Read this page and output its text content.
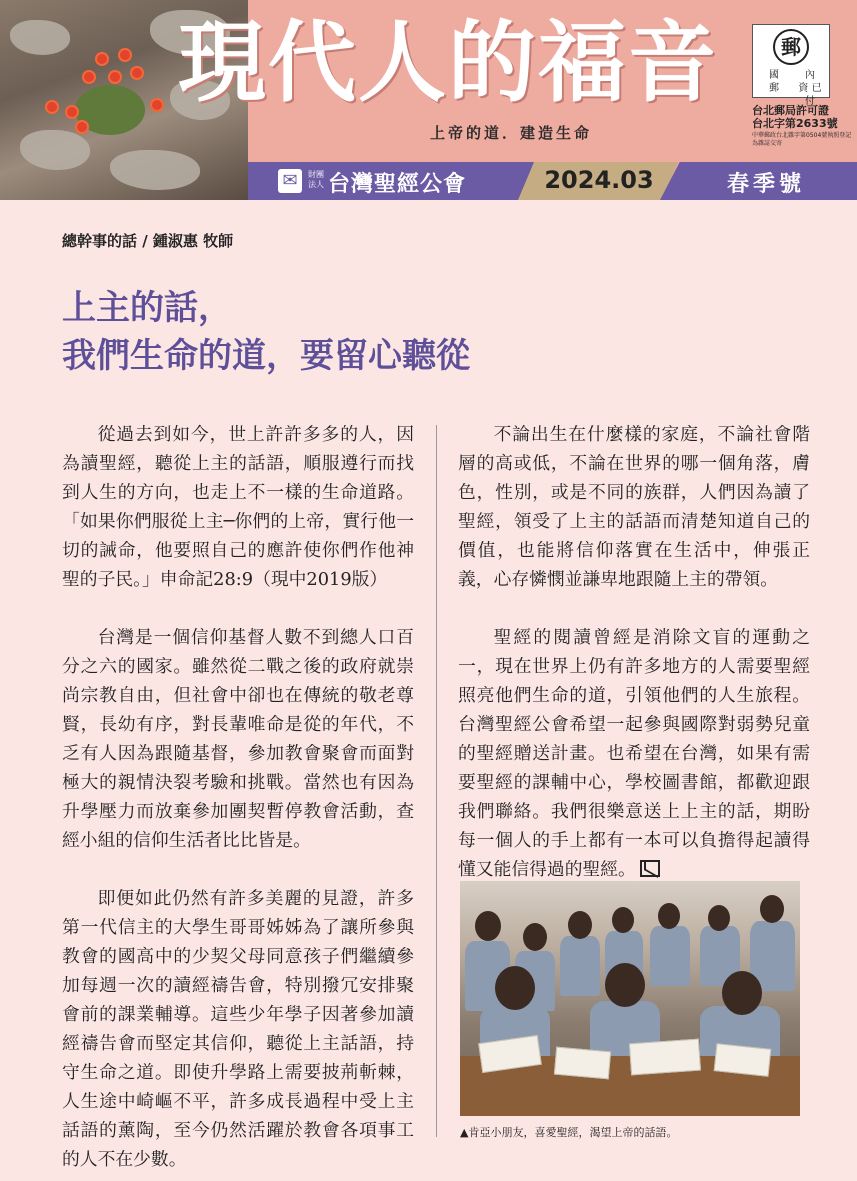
現代人的福音
上帝的道．建造生命
郵
國
郵
內
資 已 付
台北郵局許可證
台北字第2633號
中華郵政台北雜字第0504號執照登記為雜誌交寄
✉	財團法人 台灣聖經公會	2024.03	春季號
總幹事的話 / 鍾淑惠 牧師
上主的話，
我們生命的道，要留心聽從

從過去到如今，世上許許多多的人，因為讀聖經，聽從上主的話語，順服遵行而找到人生的方向，也走上不一樣的生命道路。「如果你們服從上主─你們的上帝，實行他一切的誡命，他要照自己的應許使你們作他神聖的子民。」申命記28:9（現中2019版）

台灣是一個信仰基督人數不到總人口百分之六的國家。雖然從二戰之後的政府就崇尚宗教自由，但社會中卻也在傳統的敬老尊賢，長幼有序，對長輩唯命是從的年代，不乏有人因為跟隨基督，參加教會聚會而面對極大的親情決裂考驗和挑戰。當然也有因為升學壓力而放棄參加團契暫停教會活動，查經小組的信仰生活者比比皆是。

即便如此仍然有許多美麗的見證，許多第一代信主的大學生哥哥姊姊為了讓所參與教會的國高中的少契父母同意孩子們繼續參加每週一次的讀經禱告會，特別撥冗安排聚會前的課業輔導。這些少年學子因著參加讀經禱告會而堅定其信仰，聽從上主話語，持守生命之道。即使升學路上需要披荊斬棘，人生途中崎嶇不平，許多成長過程中受上主話語的薰陶，至今仍然活躍於教會各項事工的人不在少數。

不論出生在什麼樣的家庭，不論社會階層的高或低，不論在世界的哪一個角落，膚色，性別，或是不同的族群，人們因為讀了聖經，領受了上主的話語而清楚知道自己的價值，也能將信仰落實在生活中，伸張正義，心存憐憫並謙卑地跟隨上主的帶領。

聖經的閱讀曾經是消除文盲的運動之一，現在世界上仍有許多地方的人需要聖經照亮他們生命的道，引領他們的人生旅程。台灣聖經公會希望一起參與國際對弱勢兒童的聖經贈送計畫。也希望在台灣，如果有需要聖經的課輔中心，學校圖書館，都歡迎跟我們聯絡。我們很樂意送上上主的話，期盼每一個人的手上都有一本可以負擔得起讀得懂又能信得過的聖經。

▲肯亞小朋友，喜愛聖經，渴望上帝的話語。
